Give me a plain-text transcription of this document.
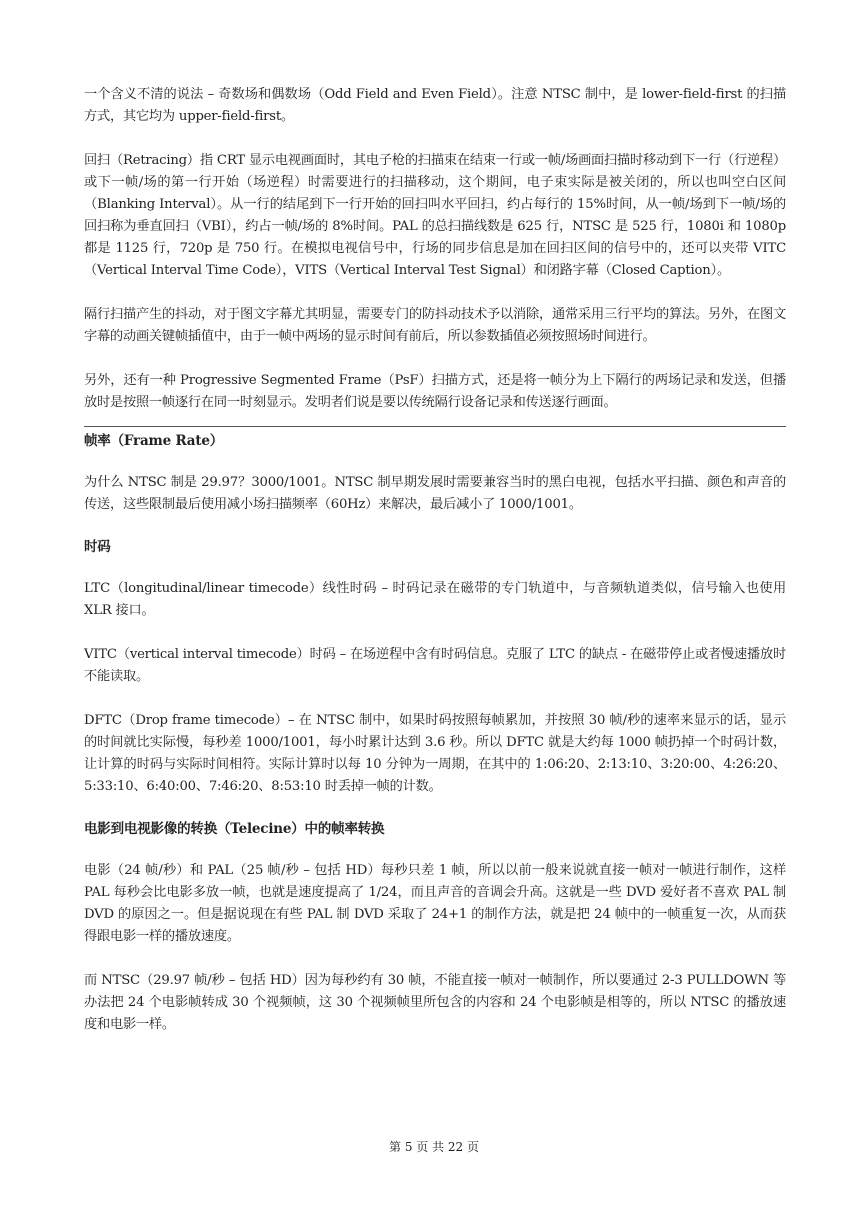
一个含义不清的说法 – 奇数场和偶数场（Odd Field and Even Field）。注意 NTSC 制中，是 lower-field-first 的扫描方式，其它均为 upper-field-first。

回扫（Retracing）指 CRT 显示电视画面时，其电子枪的扫描束在结束一行或一帧/场画面扫描时移动到下一行（行逆程）或下一帧/场的第一行开始（场逆程）时需要进行的扫描移动，这个期间，电子束实际是被关闭的，所以也叫空白区间（Blanking Interval）。从一行的结尾到下一行开始的回扫叫水平回扫，约占每行的 15%时间，从一帧/场到下一帧/场的回扫称为垂直回扫（VBI），约占一帧/场的 8%时间。PAL 的总扫描线数是 625 行，NTSC 是 525 行，1080i 和 1080p 都是 1125 行，720p 是 750 行。在模拟电视信号中，行场的同步信息是加在回扫区间的信号中的，还可以夹带 VITC（Vertical Interval Time Code），VITS（Vertical Interval Test Signal）和闭路字幕（Closed Caption）。

隔行扫描产生的抖动，对于图文字幕尤其明显，需要专门的防抖动技术予以消除，通常采用三行平均的算法。另外，在图文字幕的动画关键帧插值中，由于一帧中两场的显示时间有前后，所以参数插值必须按照场时间进行。

另外，还有一种 Progressive Segmented Frame（PsF）扫描方式，还是将一帧分为上下隔行的两场记录和发送，但播放时是按照一帧逐行在同一时刻显示。发明者们说是要以传统隔行设备记录和传送逐行画面。

帧率（Frame Rate）

为什么 NTSC 制是 29.97？3000/1001。NTSC 制早期发展时需要兼容当时的黑白电视，包括水平扫描、颜色和声音的传送，这些限制最后使用减小场扫描频率（60Hz）来解决，最后减小了 1000/1001。

时码

LTC（longitudinal/linear timecode）线性时码 – 时码记录在磁带的专门轨道中，与音频轨道类似，信号输入也使用 XLR 接口。

VITC（vertical interval timecode）时码 – 在场逆程中含有时码信息。克服了 LTC 的缺点 - 在磁带停止或者慢速播放时不能读取。

DFTC（Drop frame timecode）– 在 NTSC 制中，如果时码按照每帧累加，并按照 30 帧/秒的速率来显示的话，显示的时间就比实际慢，每秒差 1000/1001，每小时累计达到 3.6 秒。所以 DFTC 就是大约每 1000 帧扔掉一个时码计数，让计算的时码与实际时间相符。实际计算时以每 10 分钟为一周期，在其中的 1:06:20、2:13:10、3:20:00、4:26:20、5:33:10、6:40:00、7:46:20、8:53:10 时丢掉一帧的计数。

电影到电视影像的转换（Telecine）中的帧率转换

电影（24 帧/秒）和 PAL（25 帧/秒 – 包括 HD）每秒只差 1 帧，所以以前一般来说就直接一帧对一帧进行制作，这样 PAL 每秒会比电影多放一帧，也就是速度提高了 1/24，而且声音的音调会升高。这就是一些 DVD 爱好者不喜欢 PAL 制 DVD 的原因之一。但是据说现在有些 PAL 制 DVD 采取了 24+1 的制作方法，就是把 24 帧中的一帧重复一次，从而获得跟电影一样的播放速度。

而 NTSC（29.97 帧/秒 – 包括 HD）因为每秒约有 30 帧，不能直接一帧对一帧制作，所以要通过 2-3 PULLDOWN 等办法把 24 个电影帧转成 30 个视频帧，这 30 个视频帧里所包含的内容和 24 个电影帧是相等的，所以 NTSC 的播放速度和电影一样。

第 5 页 共 22 页
